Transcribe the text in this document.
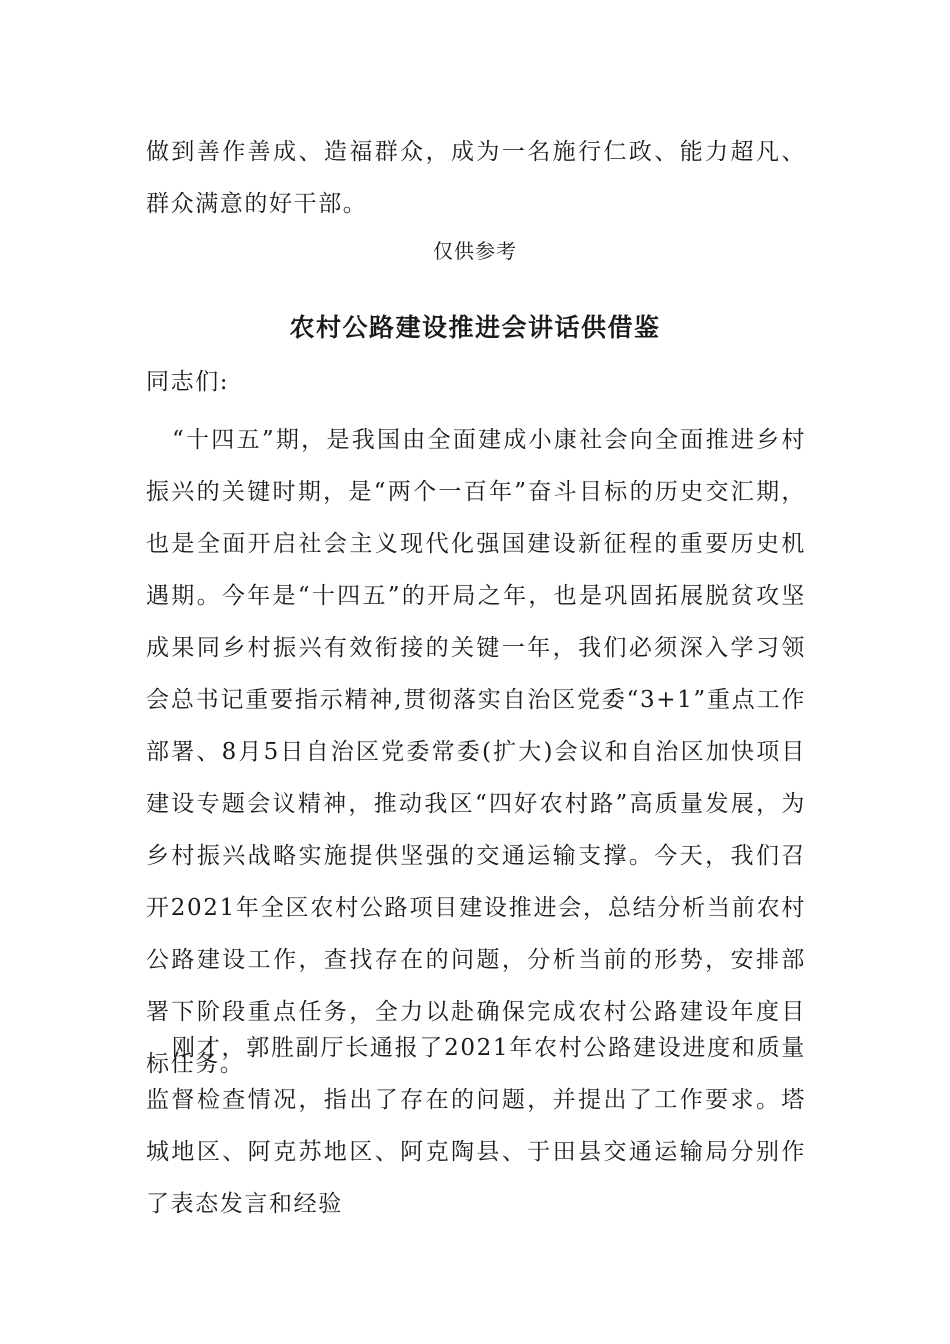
做到善作善成、造福群众，成为一名施行仁政、能力超凡、群众满意的好干部。

仅供参考

农村公路建设推进会讲话供借鉴

同志们:

“十四五”期，是我国由全面建成小康社会向全面推进乡村振兴的关键时期，是“两个一百年”奋斗目标的历史交汇期，也是全面开启社会主义现代化强国建设新征程的重要历史机遇期。今年是“十四五”的开局之年，也是巩固拓展脱贫攻坚成果同乡村振兴有效衔接的关键一年，我们必须深入学习领会总书记重要指示精神,贯彻落实自治区党委“3+1”重点工作部署、8月5日自治区党委常委(扩大)会议和自治区加快项目建设专题会议精神，推动我区“四好农村路”高质量发展，为乡村振兴战略实施提供坚强的交通运输支撑。今天，我们召开2021年全区农村公路项目建设推进会，总结分析当前农村公路建设工作，查找存在的问题，分析当前的形势，安排部署下阶段重点任务，全力以赴确保完成农村公路建设年度目标任务。

刚才，郭胜副厅长通报了2021年农村公路建设进度和质量监督检查情况，指出了存在的问题，并提出了工作要求。塔城地区、阿克苏地区、阿克陶县、于田县交通运输局分别作了表态发言和经验
